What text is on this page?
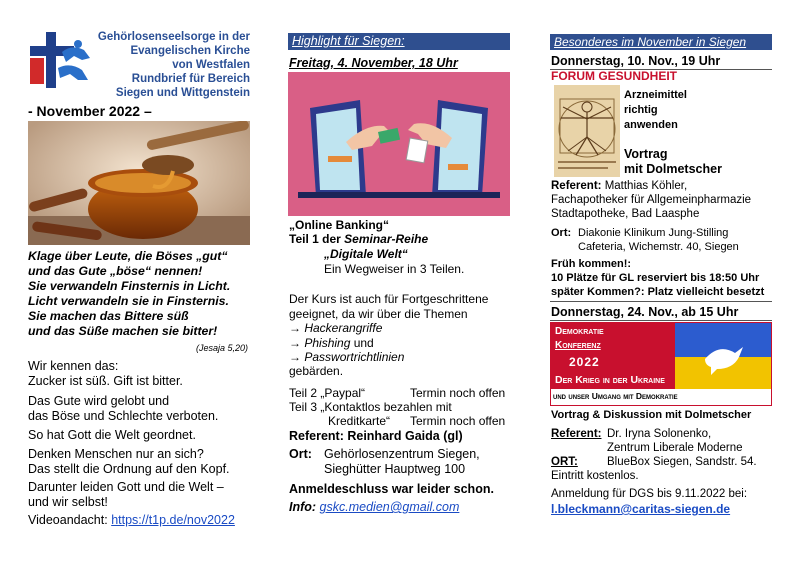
Gehörlosenseelsorge in der
Evangelischen Kirche
von Westfalen
Rundbrief für Bereich
Siegen und Wittgenstein
- November 2022 –
Klage über Leute, die Böses „gut“
und das Gute „böse“ nennen!
Sie verwandeln Finsternis in Licht.
Licht verwandeln sie in Finsternis.
Sie machen das Bittere süß
und das Süße machen sie bitter!
(Jesaja 5,20)
Wir kennen das:
Zucker ist süß. Gift ist bitter.
Das Gute wird gelobt und
das Böse und Schlechte verboten.
So hat Gott die Welt geordnet.
Denken Menschen nur an sich?
Das stellt die Ordnung auf den Kopf.
Darunter leiden Gott und die Welt –
und wir selbst!
Videoandacht: https://t1p.de/nov2022
Highlight für Siegen:
Freitag, 4. November, 18 Uhr
„Online Banking“
Teil 1 der Seminar-Reihe
„Digitale Welt“
Ein Wegweiser in 3 Teilen.
Der Kurs ist auch für Fortgeschrittene
geeignet, da wir über die Themen
→ Hackerangriffe
→ Phishing und
→ Passwortrichtlinien
gebärden.
Teil 2 „Paypal“	Termin noch offen
Teil 3 „Kontaktlos bezahlen mit
Kreditkarte“ Termin noch offen
Referent: Reinhard Gaida (gl)
Ort: Gehörlosenzentrum Siegen,
Sieghütter Hauptweg 100
Anmeldeschluss war leider schon.
Info: gskc.medien@gmail.com
Besonderes im November in Siegen
Donnerstag, 10. Nov., 19 Uhr
FORUM GESUNDHEIT
Arzneimittel
richtig
anwenden
Vortrag
mit Dolmetscher
Referent: Matthias Köhler,
Fachapotheker für Allgemeinpharmazie
Stadtapotheke, Bad Laasphe
Ort: Diakonie Klinikum Jung-Stilling
Cafeteria, Wichemstr. 40, Siegen
Früh kommen!:
10 Plätze für GL reserviert bis 18:50 Uhr
später Kommen?: Platz vielleicht besetzt
Donnerstag, 24. Nov., ab 15 Uhr
Demokratie
Konferenz
2022
Der Krieg in der Ukraine
und unser Umgang mit Demokratie
Vortrag & Diskussion mit Dolmetscher
Referent: Dr. Iryna Solonenko,
Zentrum Liberale Moderne
ORT:	BlueBox Siegen, Sandstr. 54.
Eintritt kostenlos.
Anmeldung für DGS bis 9.11.2022 bei:
l.bleckmann@caritas-siegen.de
